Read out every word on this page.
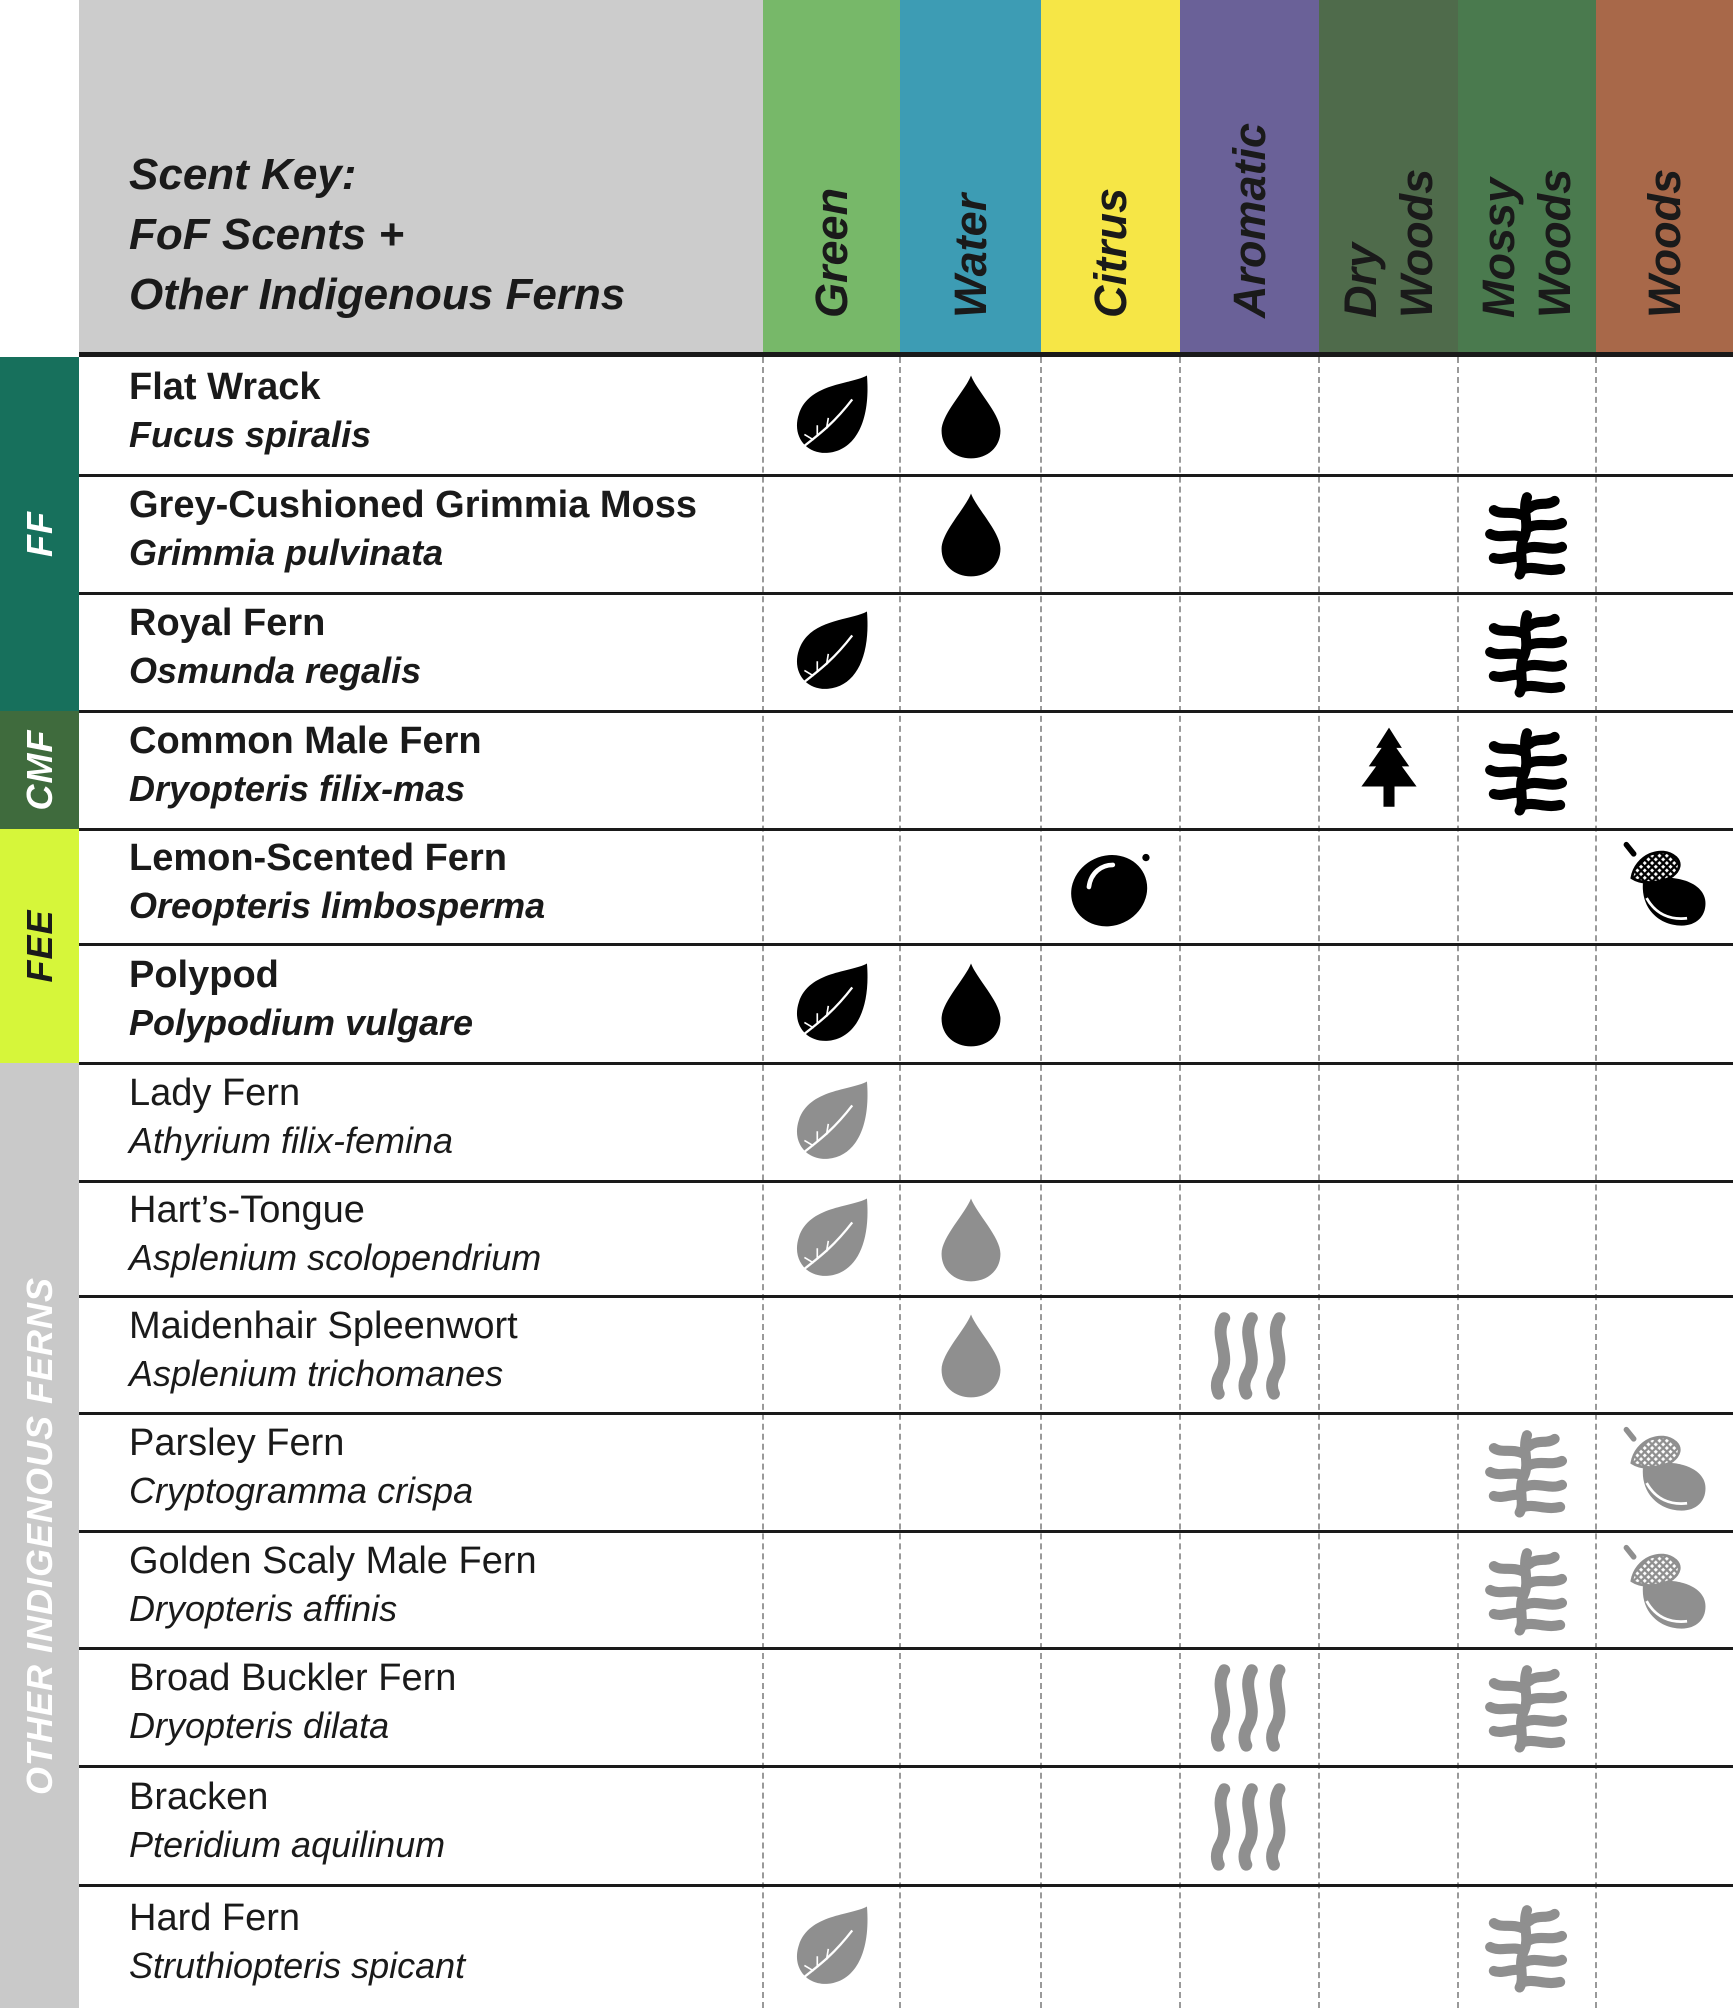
Scent Key:
FoF Scents +
Other Indigenous Ferns	Green Water Citrus Aromatic Dry Woods Mossy Woods Woods
FF
CMF
FEE
OTHER INDIGENOUS FERNS
Flat Wrack
Fucus spiralis
Grey-Cushioned Grimmia Moss
Grimmia pulvinata
Royal Fern
Osmunda regalis
Common Male Fern
Dryopteris filix-mas
Lemon-Scented Fern
Oreopteris limbosperma
Polypod
Polypodium vulgare
Lady Fern
Athyrium filix-femina
Hart’s-Tongue
Asplenium scolopendrium
Maidenhair Spleenwort
Asplenium trichomanes
Parsley Fern
Cryptogramma crispa
Golden Scaly Male Fern
Dryopteris affinis
Broad Buckler Fern
Dryopteris dilata
Bracken
Pteridium aquilinum
Hard Fern
Struthiopteris spicant
